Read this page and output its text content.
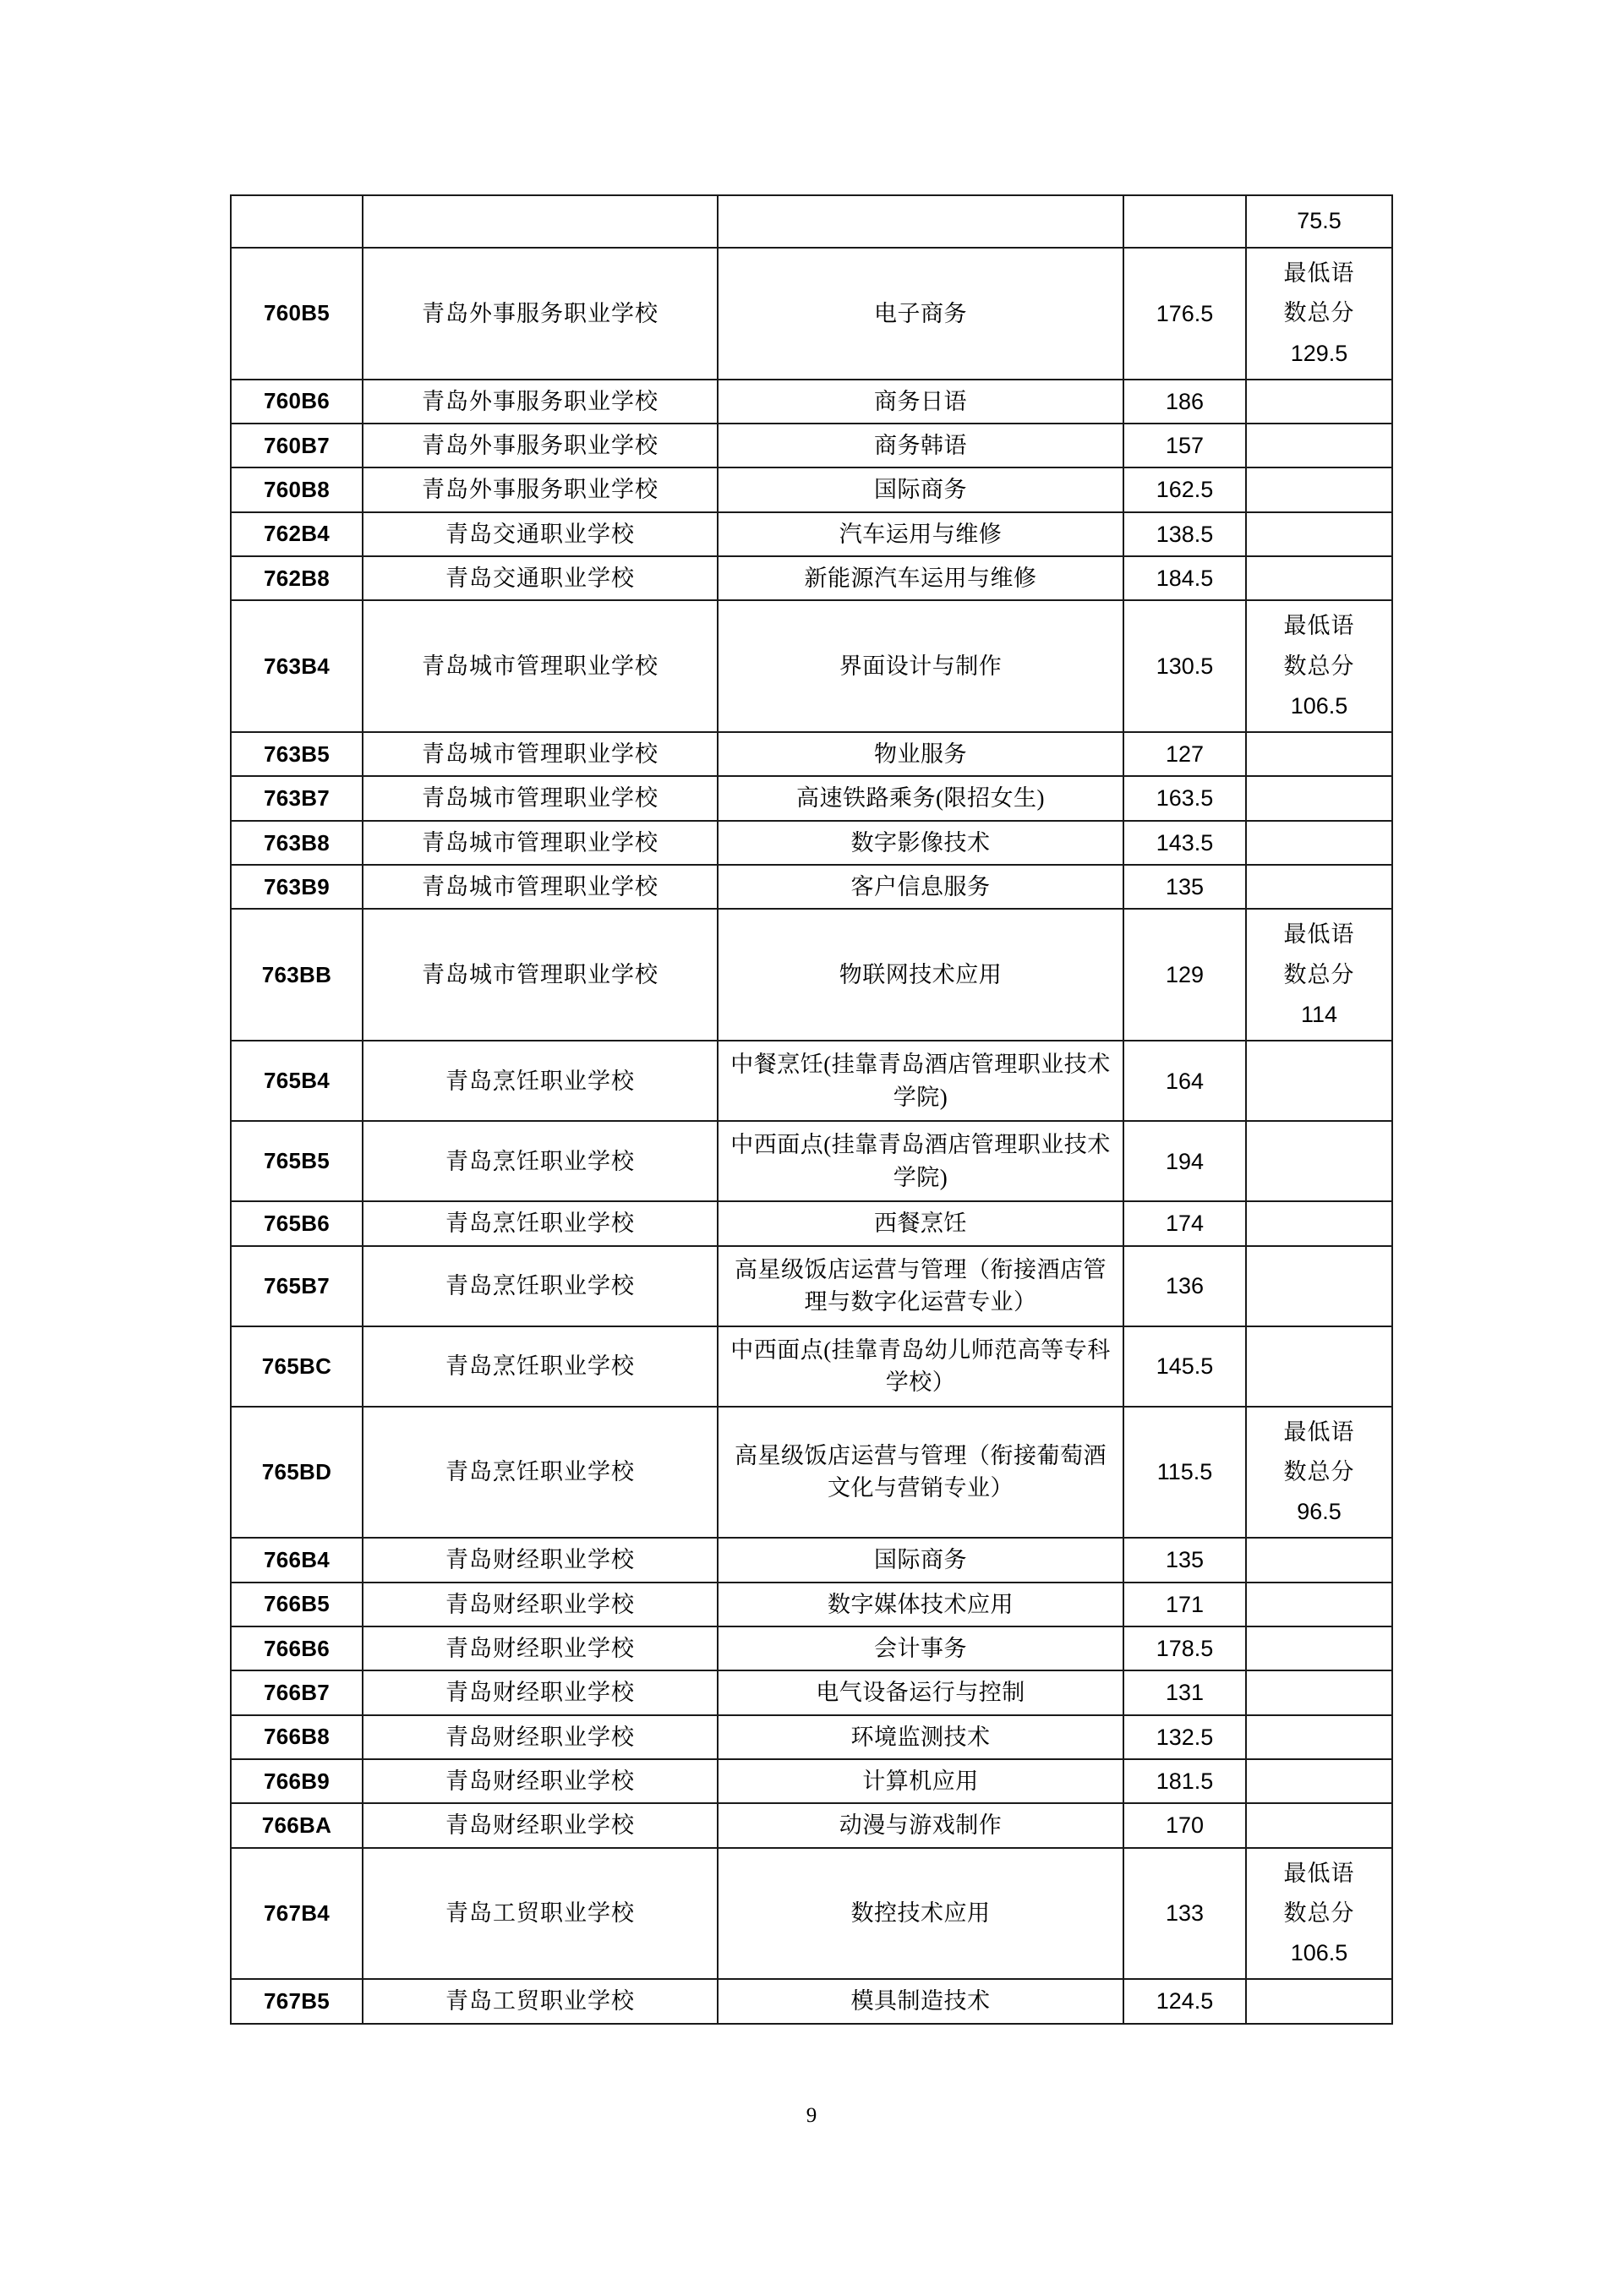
				75.5

760B5	青岛外事服务职业学校	电子商务	176.5	最低语
数总分
129.5

760B6	青岛外事服务职业学校	商务日语	186	

760B7	青岛外事服务职业学校	商务韩语	157	

760B8	青岛外事服务职业学校	国际商务	162.5	

762B4	青岛交通职业学校	汽车运用与维修	138.5	

762B8	青岛交通职业学校	新能源汽车运用与维修	184.5	

763B4	青岛城市管理职业学校	界面设计与制作	130.5	最低语
数总分
106.5

763B5	青岛城市管理职业学校	物业服务	127	

763B7	青岛城市管理职业学校	高速铁路乘务(限招女生)	163.5	

763B8	青岛城市管理职业学校	数字影像技术	143.5	

763B9	青岛城市管理职业学校	客户信息服务	135	

763BB	青岛城市管理职业学校	物联网技术应用	129	最低语
数总分
114

765B4	青岛烹饪职业学校	中餐烹饪(挂靠青岛酒店管理职业技术学院)	164	

765B5	青岛烹饪职业学校	中西面点(挂靠青岛酒店管理职业技术学院)	194	

765B6	青岛烹饪职业学校	西餐烹饪	174	

765B7	青岛烹饪职业学校	高星级饭店运营与管理（衔接酒店管理与数字化运营专业）	136	

765BC	青岛烹饪职业学校	中西面点(挂靠青岛幼儿师范高等专科学校）	145.5	

765BD	青岛烹饪职业学校	高星级饭店运营与管理（衔接葡萄酒文化与营销专业）	115.5	最低语
数总分
96.5

766B4	青岛财经职业学校	国际商务	135	

766B5	青岛财经职业学校	数字媒体技术应用	171	

766B6	青岛财经职业学校	会计事务	178.5	

766B7	青岛财经职业学校	电气设备运行与控制	131	

766B8	青岛财经职业学校	环境监测技术	132.5	

766B9	青岛财经职业学校	计算机应用	181.5	

766BA	青岛财经职业学校	动漫与游戏制作	170	

767B4	青岛工贸职业学校	数控技术应用	133	最低语
数总分
106.5

767B5	青岛工贸职业学校	模具制造技术	124.5	

9
